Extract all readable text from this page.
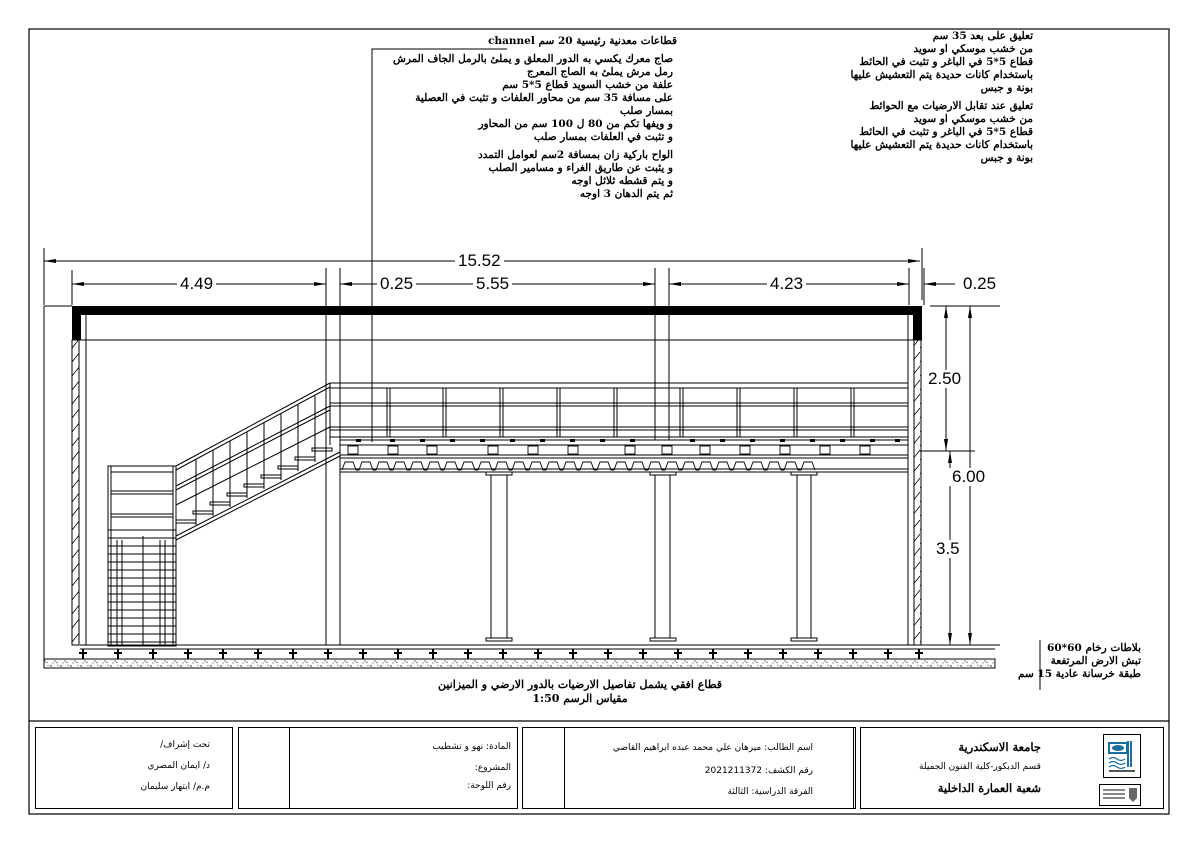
قطاعات معدنية رئيسية 20 سم channel
صاج معرك يكسي به الدور المعلق و يملئ بالرمل الجاف المرش
رمل مرش يملئ به الصاج المعرج
علفة من خشب السويد قطاع 5*5 سم
على مسافة 35 سم من محاور العلفات و تثبت في العصلية
بمسار صلب
و ويفها تكم من 80 ل 100 سم من المحاور
و تثبت في العلفات بمسار صلب
الواح باركية زان بمسافة 2سم لعوامل التمدد
و يثبت عن طاريق الغراء و مسامير الصلب
و يتم قشطه ثلاثل اوجه
ثم يتم الدهان 3 اوجه
تعليق على بعد 35 سم
من خشب موسكي او سويد
قطاع 5*5 في الباغر و تثبت في الحائط
باستخدام كانات حديدة يتم التعشيش عليها
بونة و جبس
تعليق عند تقابل الارضيات مع الحوائط
من خشب موسكي او سويد
قطاع 5*5 في الباغر و تثبت في الحائط
باستخدام كانات حديدة يتم التعشيش عليها
بونة و جبس
بلاطات رخام 60*60
تبش الارض المرتفعة
طبقة خرسانة عادية 15 سم
15.52
4.49	0.25	5.55	4.23	0.25
2.50
6.00
3.5
قطاع افقي يشمل تفاصيل الارضيات بالدور الارضي و الميزانين
مقياس الرسم 1:50
تحت إشراف/
د/ ايمان المصري
م.م/ ابتهار سليمان
المادة: نهو و تشطيب
المشروع:
رقم اللوحة:
اسم الطالب: ميرهان علي محمد عبده ابراهيم القاضي
رقم الكشف: 2021211372
الفرقة الدراسية: الثالثة
جامعة الاسكندرية
قسم الديكور-كلية الفنون الجميلة
شعبة العمارة الداخلية
